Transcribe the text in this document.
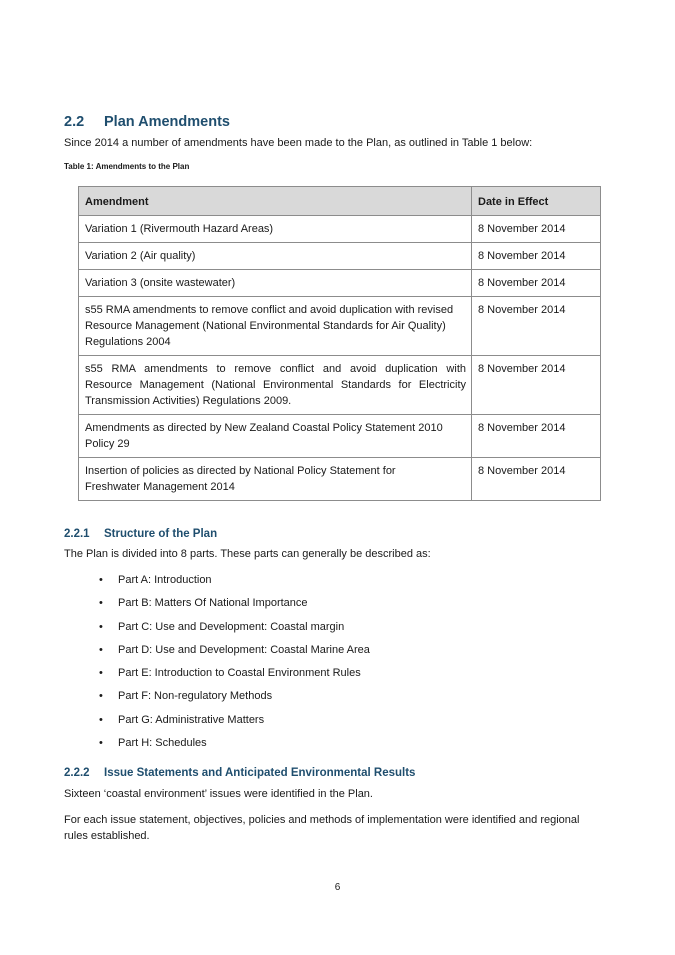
2.2 Plan Amendments
Since 2014 a number of amendments have been made to the Plan, as outlined in Table 1 below:
Table 1: Amendments to the Plan
Amendment	Date in Effect

Variation 1 (Rivermouth Hazard Areas)	8 November 2014

Variation 2 (Air quality)	8 November 2014

Variation 3 (onsite wastewater)	8 November 2014

s55 RMA amendments to remove conflict and avoid duplication with revised
Resource Management (National Environmental Standards for Air Quality)
Regulations 2004	8 November 2014

s55 RMA amendments to remove conflict and avoid duplication with
Resource Management (National Environmental Standards for Electricity
Transmission Activities) Regulations 2009.	8 November 2014

Amendments as directed by New Zealand Coastal Policy Statement 2010
Policy 29	8 November 2014

Insertion of policies as directed by National Policy Statement for
Freshwater Management 2014	8 November 2014
2.2.1 Structure of the Plan
The Plan is divided into 8 parts. These parts can generally be described as:
• Part A: Introduction
• Part B: Matters Of National Importance
• Part C: Use and Development: Coastal margin
• Part D: Use and Development: Coastal Marine Area
• Part E: Introduction to Coastal Environment Rules
• Part F: Non-regulatory Methods
• Part G: Administrative Matters
• Part H: Schedules
2.2.2 Issue Statements and Anticipated Environmental Results
Sixteen ‘coastal environment’ issues were identified in the Plan.
For each issue statement, objectives, policies and methods of implementation were identified and regional
rules established.
6
